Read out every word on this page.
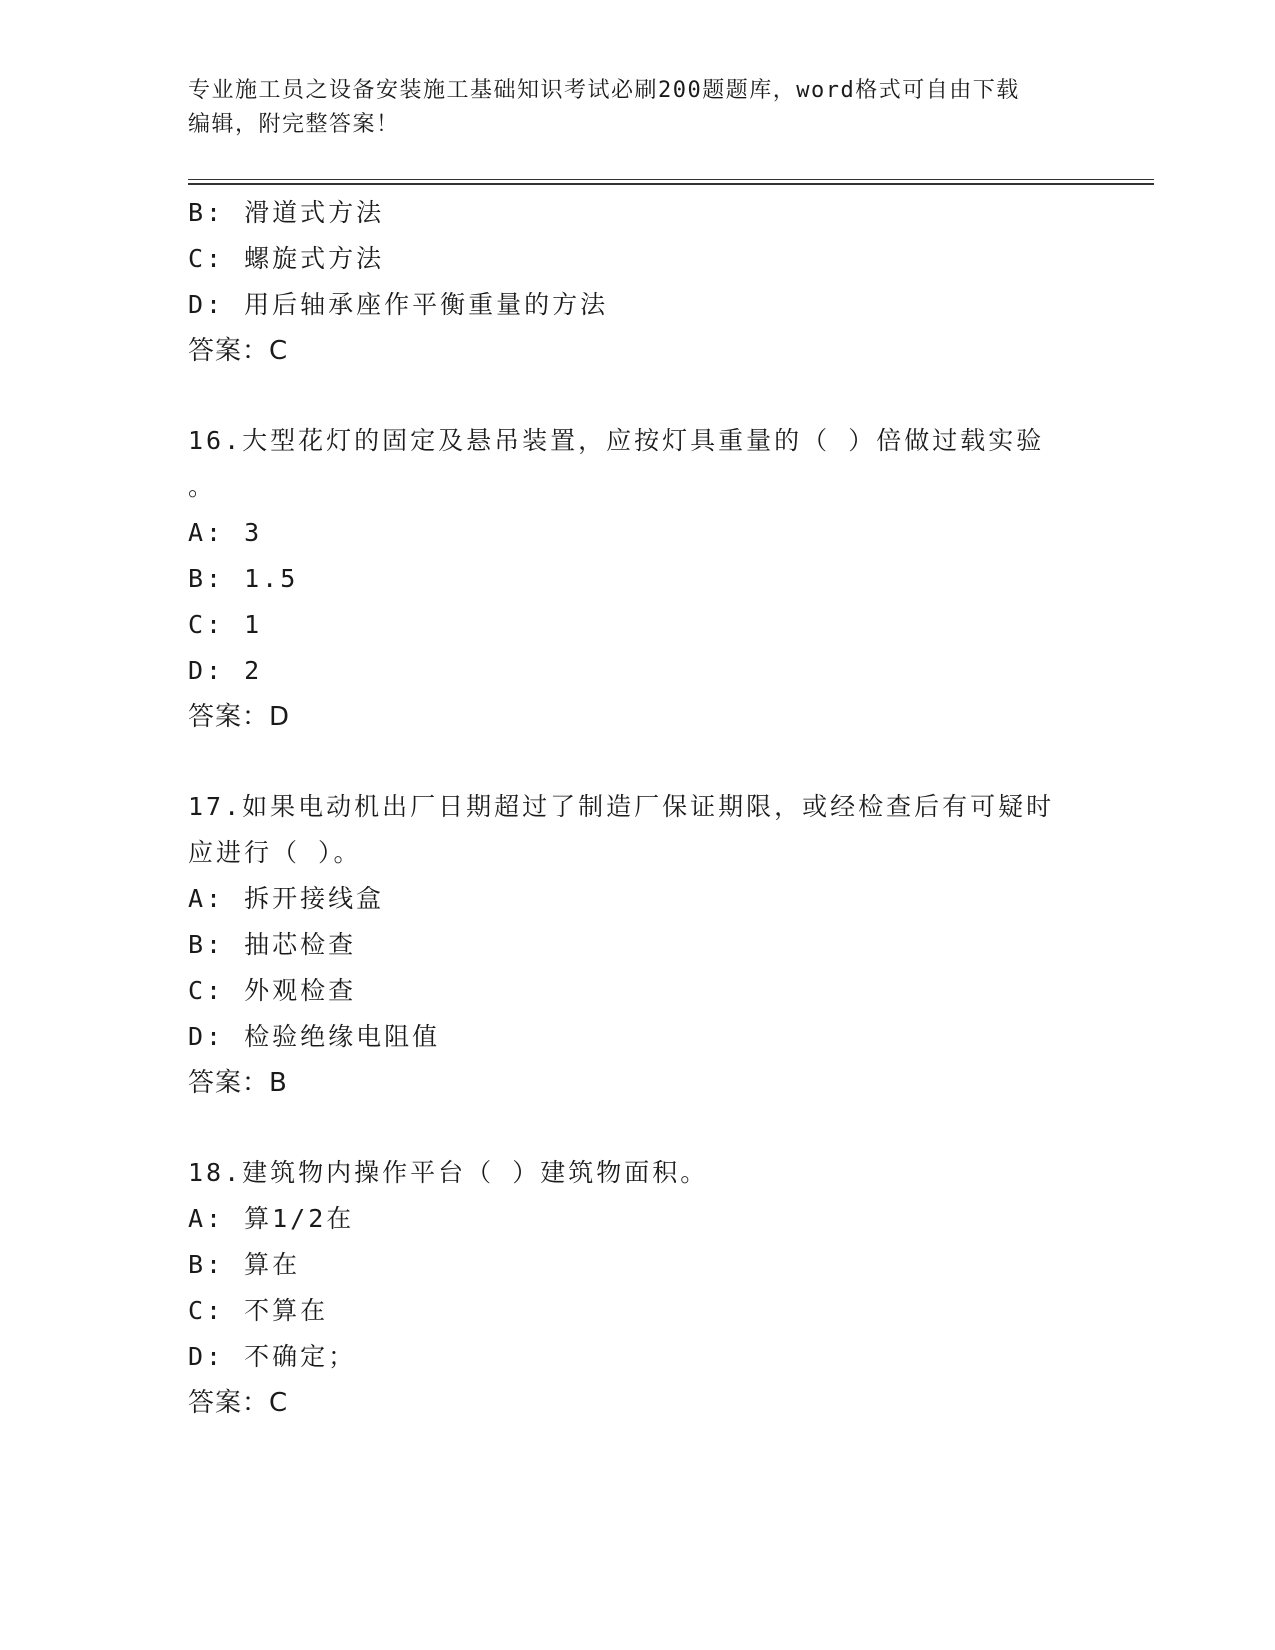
专业施工员之设备安装施工基础知识考试必刷200题题库，word格式可自由下载
编辑，附完整答案！
B: 滑道式方法
C: 螺旋式方法
D: 用后轴承座作平衡重量的方法
答案：C
16.大型花灯的固定及悬吊装置，应按灯具重量的（ ）倍做过载实验
。
A: 3
B: 1.5
C: 1
D: 2
答案：D
17.如果电动机出厂日期超过了制造厂保证期限，或经检查后有可疑时
应进行（ ）。
A: 拆开接线盒
B: 抽芯检查
C: 外观检查
D: 检验绝缘电阻值
答案：B
18.建筑物内操作平台（ ）建筑物面积。
A: 算1/2在
B: 算在
C: 不算在
D: 不确定；
答案：C
